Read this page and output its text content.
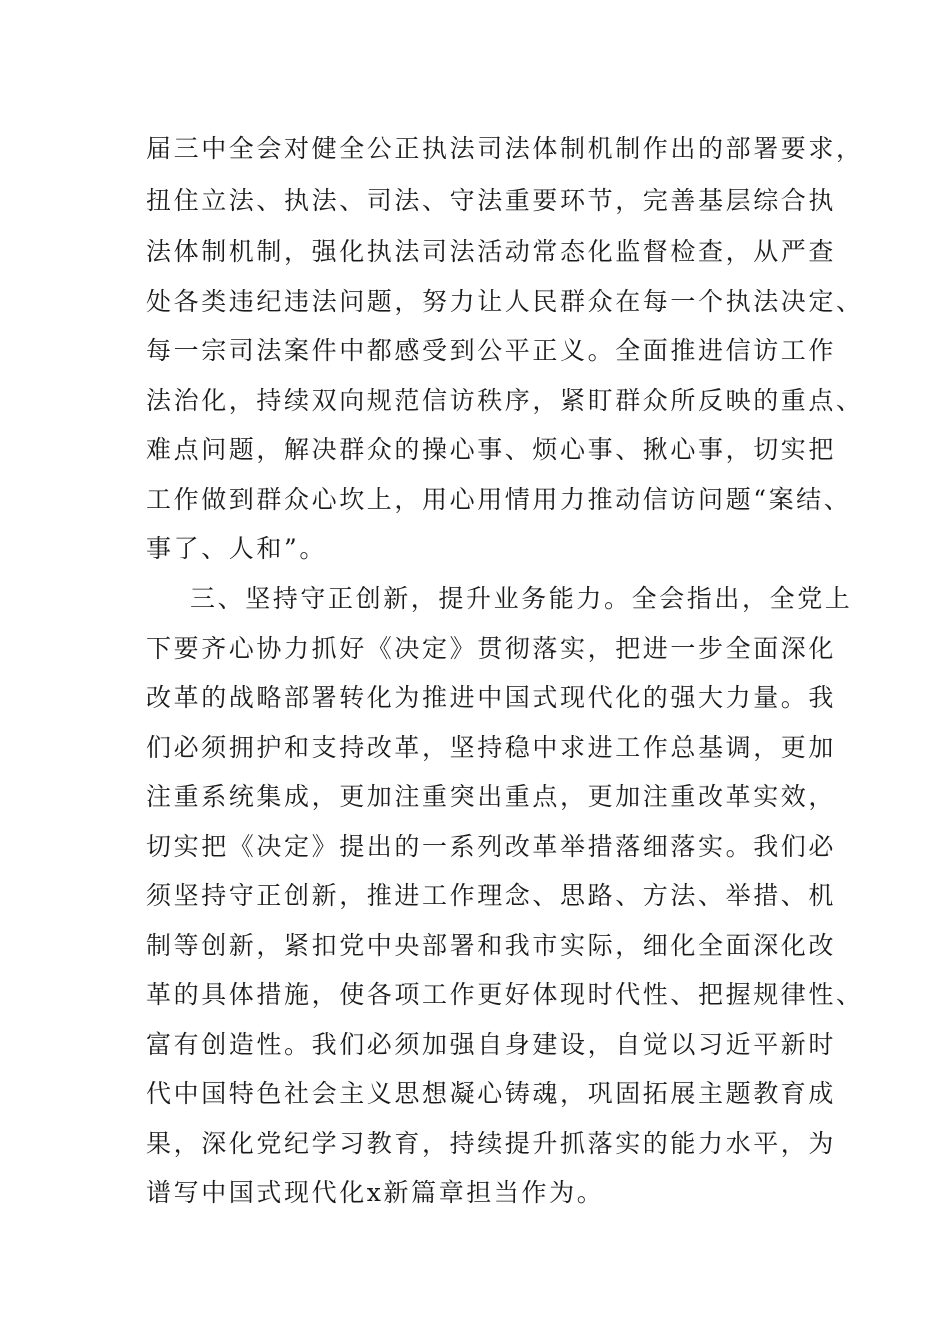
届三中全会对健全公正执法司法体制机制作出的部署要求，
扭住立法、执法、司法、守法重要环节，完善基层综合执
法体制机制，强化执法司法活动常态化监督检查，从严查
处各类违纪违法问题，努力让人民群众在每一个执法决定、
每一宗司法案件中都感受到公平正义。全面推进信访工作
法治化，持续双向规范信访秩序，紧盯群众所反映的重点、
难点问题，解决群众的操心事、烦心事、揪心事，切实把
工作做到群众心坎上，用心用情用力推动信访问题“案结、
事了、人和”。
三、坚持守正创新，提升业务能力。全会指出，全党上
下要齐心协力抓好《决定》贯彻落实，把进一步全面深化
改革的战略部署转化为推进中国式现代化的强大力量。我
们必须拥护和支持改革，坚持稳中求进工作总基调，更加
注重系统集成，更加注重突出重点，更加注重改革实效，
切实把《决定》提出的一系列改革举措落细落实。我们必
须坚持守正创新，推进工作理念、思路、方法、举措、机
制等创新，紧扣党中央部署和我市实际，细化全面深化改
革的具体措施，使各项工作更好体现时代性、把握规律性、
富有创造性。我们必须加强自身建设，自觉以习近平新时
代中国特色社会主义思想凝心铸魂，巩固拓展主题教育成
果，深化党纪学习教育，持续提升抓落实的能力水平，为
谱写中国式现代化x新篇章担当作为。
